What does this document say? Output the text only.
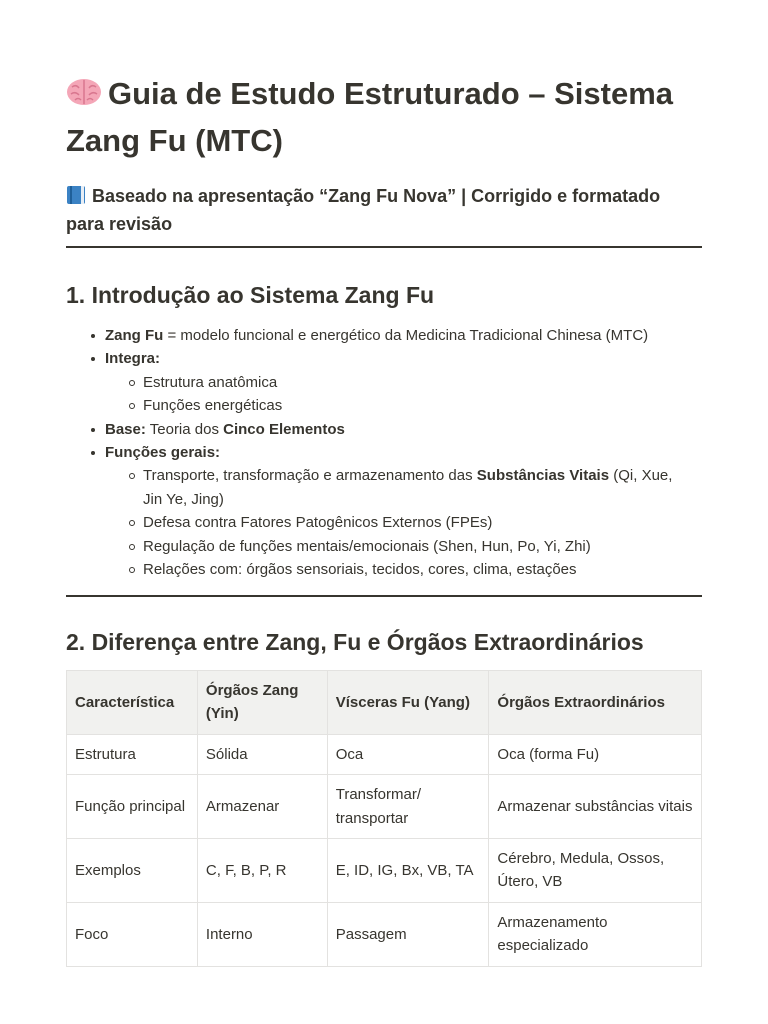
Guia de Estudo Estruturado – Sistema Zang Fu (MTC)

Baseado na apresentação “Zang Fu Nova” | Corrigido e formatado para revisão

1. Introdução ao Sistema Zang Fu
Zang Fu = modelo funcional e energético da Medicina Tradicional Chinesa (MTC)
Integra:
Estrutura anatômica
Funções energéticas
Base: Teoria dos Cinco Elementos
Funções gerais:
Transporte, transformação e armazenamento das Substâncias Vitais (Qi, Xue, Jin Ye, Jing)
Defesa contra Fatores Patogênicos Externos (FPEs)
Regulação de funções mentais/emocionais (Shen, Hun, Po, Yi, Zhi)
Relações com: órgãos sensoriais, tecidos, cores, clima, estações
2. Diferença entre Zang, Fu e Órgãos Extraordinários
Característica	Órgãos Zang (Yin)	Vísceras Fu (Yang)	Órgãos Extraordinários
Estrutura	Sólida	Oca	Oca (forma Fu)
Função principal	Armazenar	Transformar/ transportar	Armazenar substâncias vitais
Exemplos	C, F, B, P, R	E, ID, IG, Bx, VB, TA	Cérebro, Medula, Ossos, Útero, VB
Foco	Interno	Passagem	Armazenamento especializado
